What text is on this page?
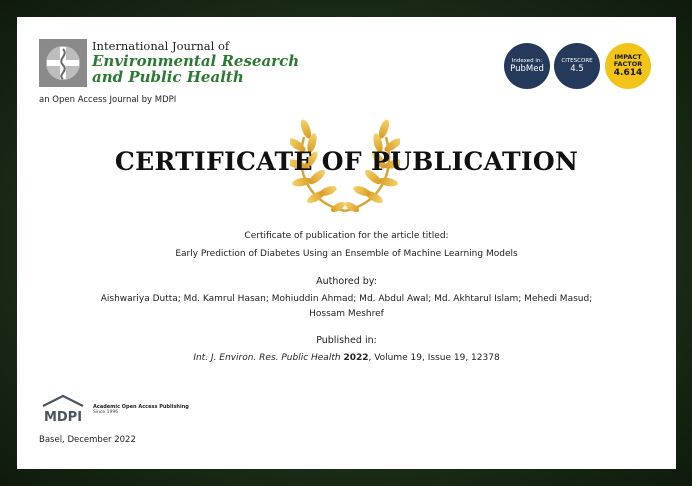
International Journal of
Environmental Research
and Public Health
an Open Access Journal by MDPI
Indexed in:
PubMed
CITESCORE
4.5
IMPACT FACTOR
4.614
CERTIFICATE OF PUBLICATION
Certificate of publication for the article titled:
Early Prediction of Diabetes Using an Ensemble of Machine Learning Models
Authored by:
Aishwariya Dutta; Md. Kamrul Hasan; Mohiuddin Ahmad; Md. Abdul Awal; Md. Akhtarul Islam; Mehedi Masud;
Hossam Meshref
Published in:
Int. J. Environ. Res. Public Health 2022, Volume 19, Issue 19, 12378
MDPI
Academic Open Access Publishing
Since 1996
Basel, December 2022
